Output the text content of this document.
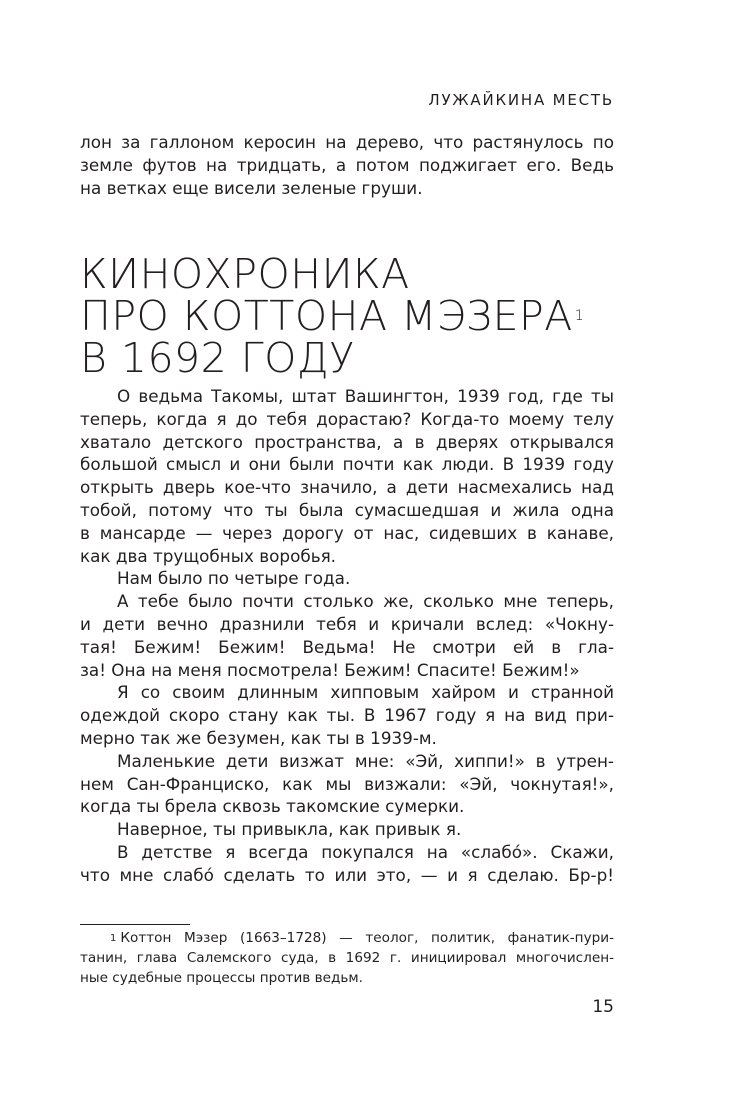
ЛУЖАЙКИНА МЕСТЬ
лон за галлоном керосин на дерево, что растянулось по
земле футов на тридцать, а потом поджигает его. Ведь
на ветках еще висели зеленые груши.
КИНОХРОНИКА
ПРО КОТТОНА МЭЗЕРА $^1$
В 1692 ГОДУ
О ведьма Такомы, штат Вашингтон, 1939 год, где ты
теперь, когда я до тебя дорастаю? Когда-то моему телу
хватало детского пространства, а в дверях открывался
большой смысл и они были почти как люди. В 1939 году
открыть дверь кое-что значило, а дети насмехались над
тобой, потому что ты была сумасшедшая и жила одна
в мансарде — через дорогу от нас, сидевших в канаве,
как два трущобных воробья.
Нам было по четыре года.
А тебе было почти столько же, сколько мне теперь,
и дети вечно дразнили тебя и кричали вслед: «Чокну-
тая! Бежим! Бежим! Ведьма! Не смотри ей в гла-
за! Она на меня посмотрела! Бежим! Спасите! Бежим!»
Я со своим длинным хипповым хайром и странной
одеждой скоро стану как ты. В 1967 году я на вид при-
мерно так же безумен, как ты в 1939-м.
Маленькие дети визжат мне: «Эй, хиппи!» в утрен-
нем Сан-Франциско, как мы визжали: «Эй, чокнутая!»,
когда ты брела сквозь такомские сумерки.
Наверное, ты привыкла, как привык я.
В детстве я всегда покупался на «слабо́». Скажи,
что мне слабо́ сделать то или это, — и я сделаю. Бр-р!
$^1$ Коттон Мэзер (1663–1728) — теолог, политик, фанатик-пури-
танин, глава Салемского суда, в 1692 г. инициировал многочислен-
ные судебные процессы против ведьм.
15
